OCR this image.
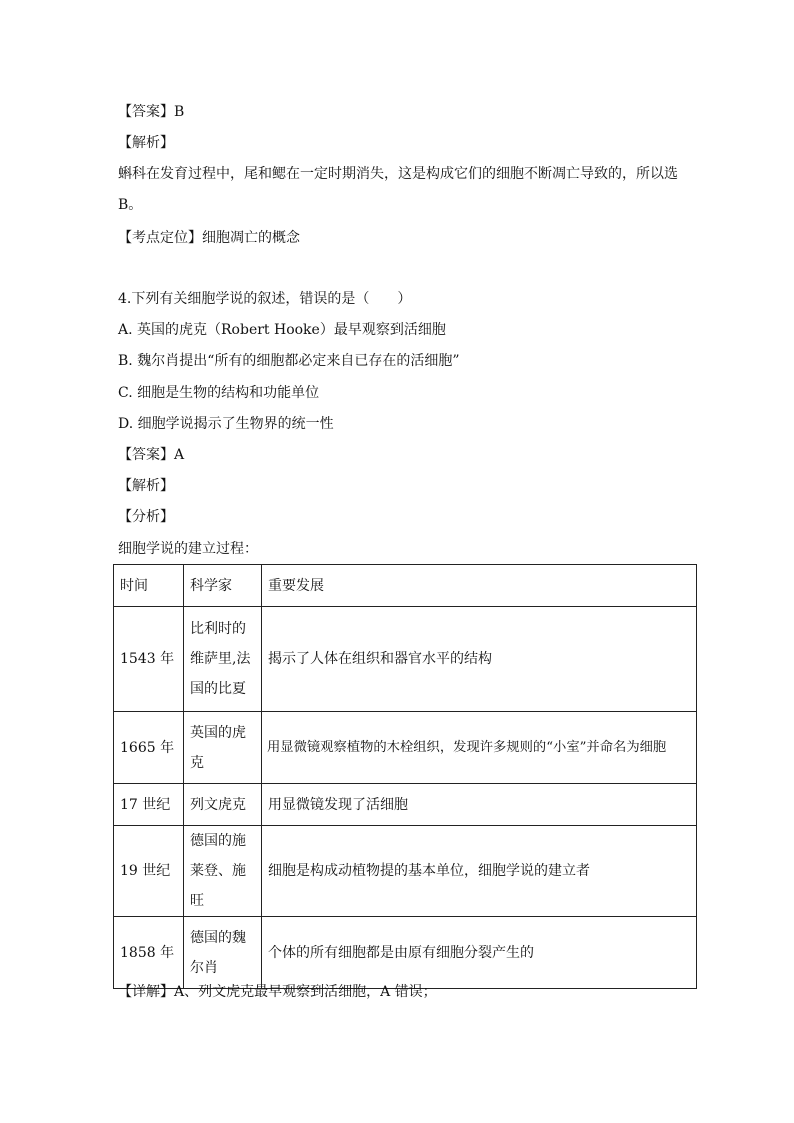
【答案】B
【解析】
蝌科在发育过程中，尾和鳃在一定时期消失，这是构成它们的细胞不断凋亡导致的，所以选B。
【考点定位】细胞凋亡的概念
4.下列有关细胞学说的叙述，错误的是（　　）
A. 英国的虎克（Robert Hooke）最早观察到活细胞
B. 魏尔肖提出“所有的细胞都必定来自已存在的活细胞”
C. 细胞是生物的结构和功能单位
D. 细胞学说揭示了生物界的统一性
【答案】A
【解析】
【分析】
细胞学说的建立过程：
时间	科学家	重要发展
1543 年	比利时的维萨里,法国的比夏	揭示了人体在组织和器官水平的结构
1665 年	英国的虎克	用显微镜观察植物的木栓组织，发现许多规则的“小室”并命名为细胞
17 世纪	列文虎克	用显微镜发现了活细胞
19 世纪	德国的施莱登、施旺	细胞是构成动植物提的基本单位，细胞学说的建立者
1858 年	德国的魏尔肖	个体的所有细胞都是由原有细胞分裂产生的
【详解】A、列文虎克最早观察到活细胞，A 错误；
